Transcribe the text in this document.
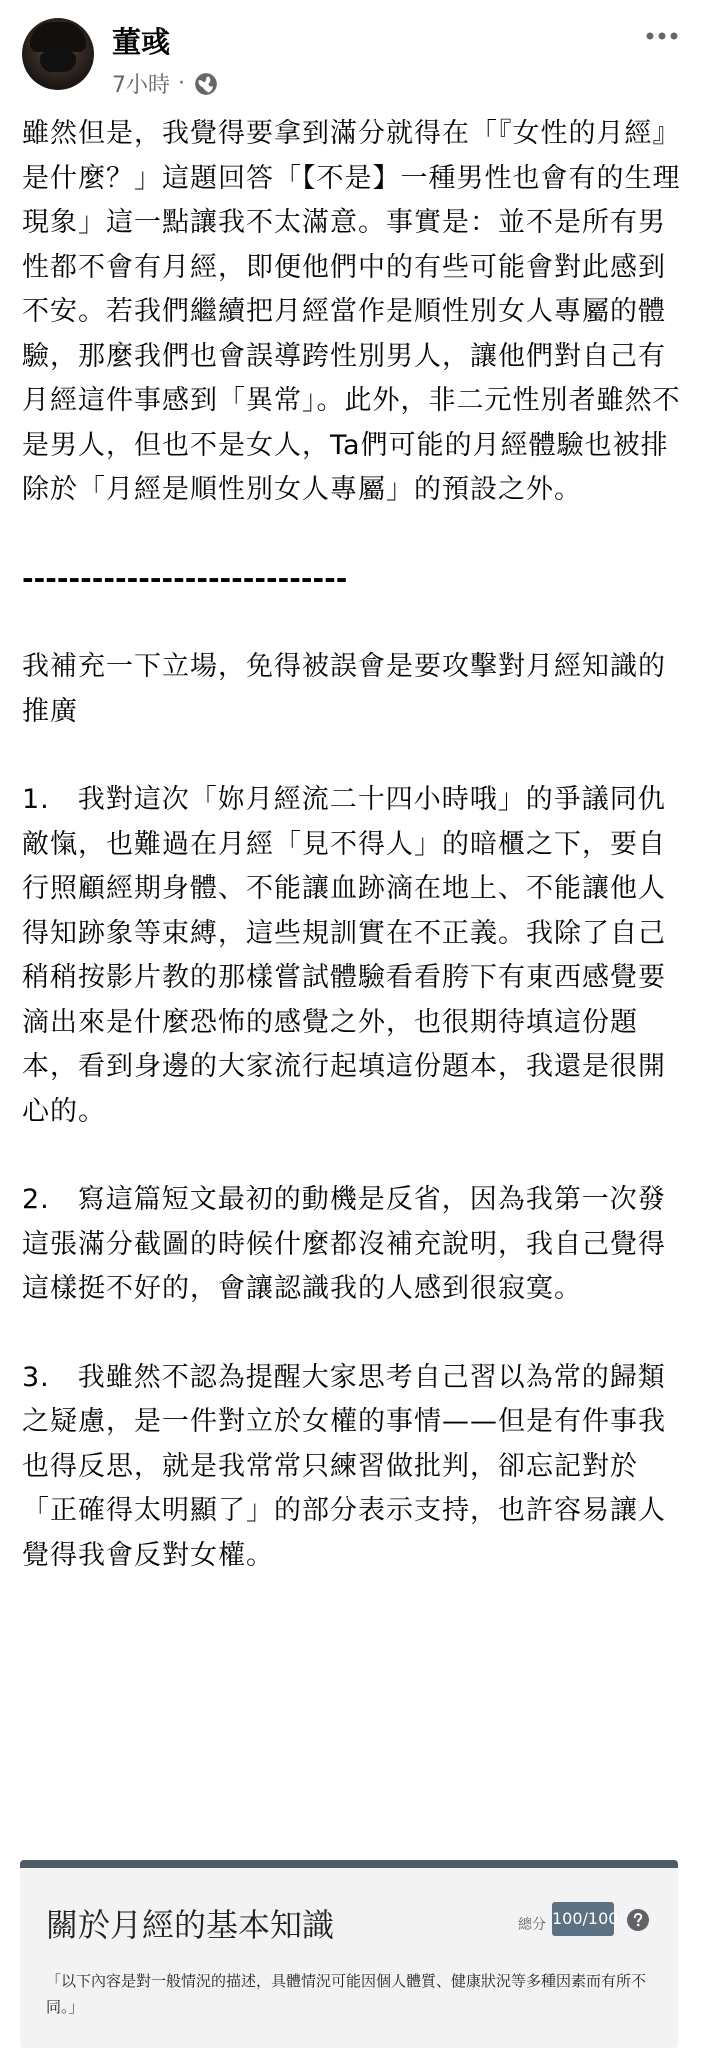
董彧
7小時 ·

雖然但是，我覺得要拿到滿分就得在「『女性的月經』是什麼？」這題回答「【不是】一種男性也會有的生理現象」這一點讓我不太滿意。事實是：並不是所有男性都不會有月經，即便他們中的有些可能會對此感到不安。若我們繼續把月經當作是順性別女人專屬的體驗，那麼我們也會誤導跨性別男人，讓他們對自己有月經這件事感到「異常」。此外，非二元性別者雖然不是男人，但也不是女人，Ta們可能的月經體驗也被排除於「月經是順性別女人專屬」的預設之外。

----------------------------

我補充一下立場，免得被誤會是要攻擊對月經知識的推廣

1.　我對這次「妳月經流二十四小時哦」的爭議同仇敵愾，也難過在月經「見不得人」的暗櫃之下，要自行照顧經期身體、不能讓血跡滴在地上、不能讓他人得知跡象等束縛，這些規訓實在不正義。我除了自己稍稍按影片教的那樣嘗試體驗看看胯下有東西感覺要滴出來是什麼恐怖的感覺之外，也很期待填這份題本，看到身邊的大家流行起填這份題本，我還是很開心的。

2.　寫這篇短文最初的動機是反省，因為我第一次發這張滿分截圖的時候什麼都沒補充說明，我自己覺得這樣挺不好的，會讓認識我的人感到很寂寞。

3.　我雖然不認為提醒大家思考自己習以為常的歸類之疑慮，是一件對立於女權的事情——但是有件事我也得反思，就是我常常只練習做批判，卻忘記對於「正確得太明顯了」的部分表示支持，也許容易讓人覺得我會反對女權。

關於月經的基本知識	總分 100/100
「以下內容是對一般情況的描述，具體情況可能因個人體質、健康狀況等多種因素而有所不同。」
